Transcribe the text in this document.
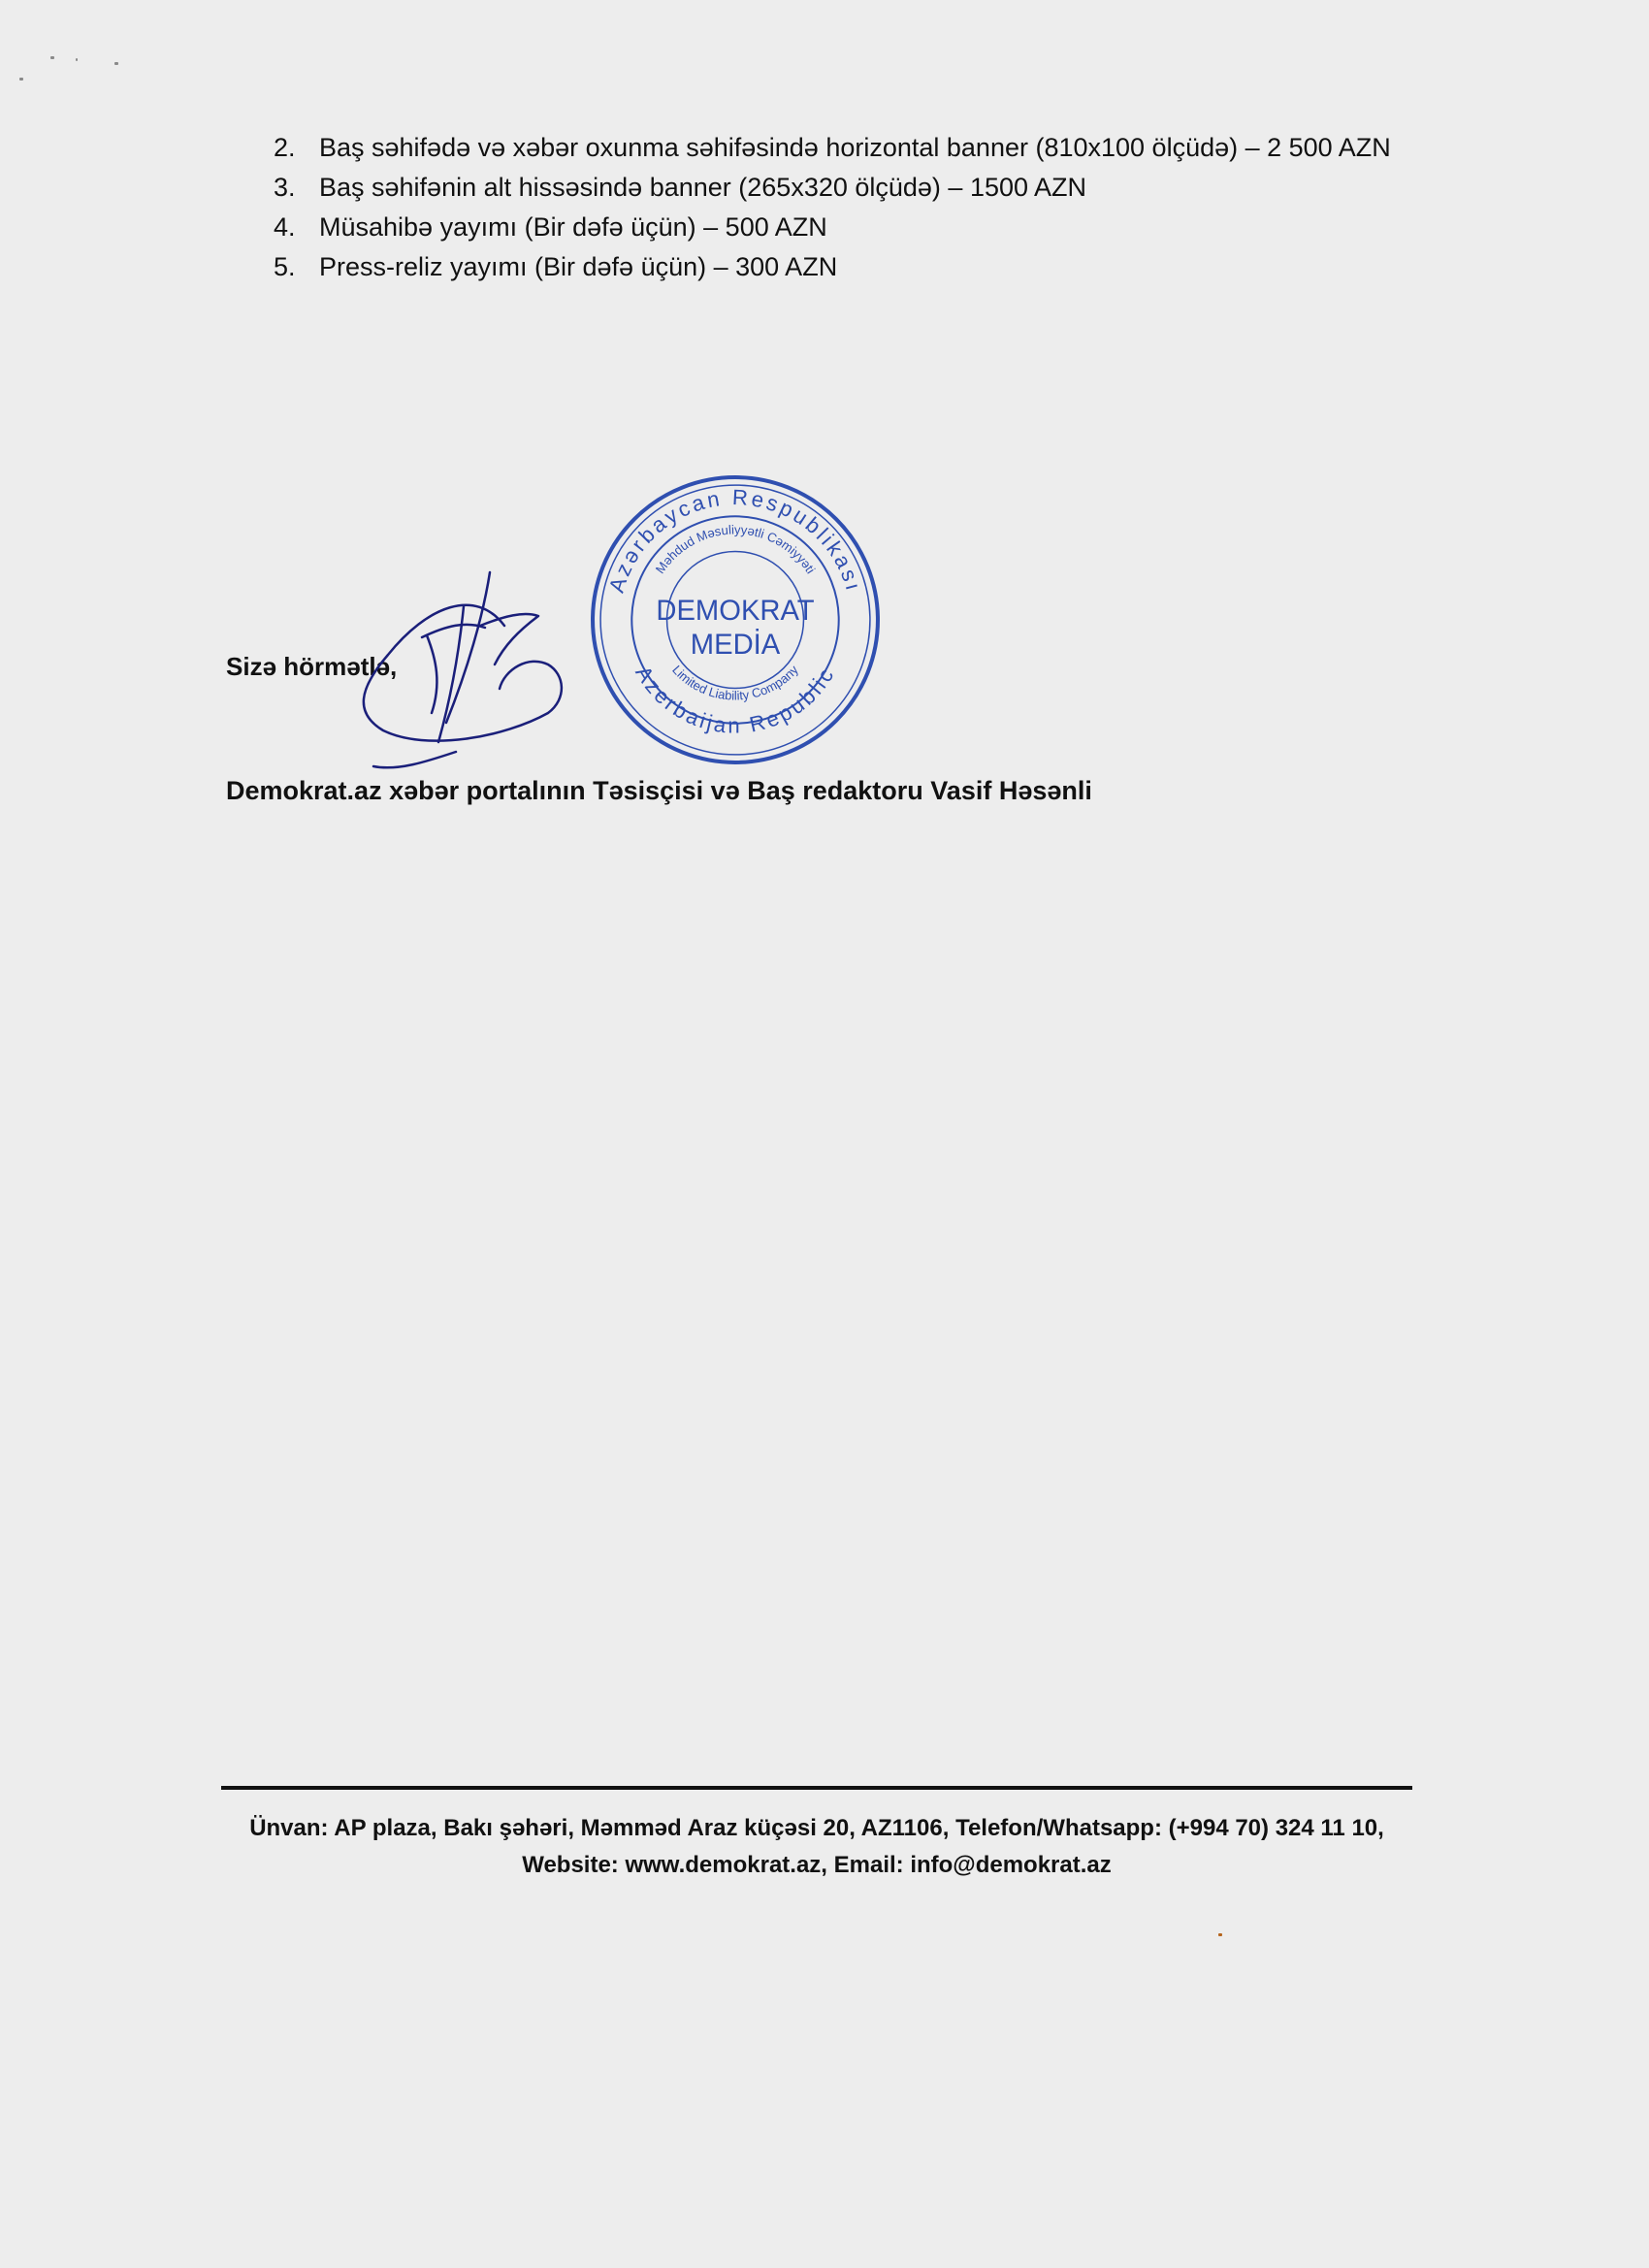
2. Baş səhifədə və xəbər oxunma səhifəsində horizontal banner (810x100 ölçüdə) – 2 500 AZN
3. Baş səhifənin alt hissəsində banner (265x320 ölçüdə) – 1500 AZN
4. Müsahibə yayımı (Bir dəfə üçün) – 500 AZN
5. Press-reliz yayımı (Bir dəfə üçün) – 300 AZN
Sizə hörmətlə,
Azərbaycan Respublikası
Azerbaijan Republic
Məhdud Məsuliyyətli Cəmiyyəti
Limited Liability Company
DEMOKRAT
MEDİA
Demokrat.az xəbər portalının Təsisçisi və Baş redaktoru Vasif Həsənli
Ünvan: AP plaza, Bakı şəhəri, Məmməd Araz küçəsi 20, AZ1106, Telefon/Whatsapp: (+994 70) 324 11 10, Website: www.demokrat.az, Email: info@demokrat.az
